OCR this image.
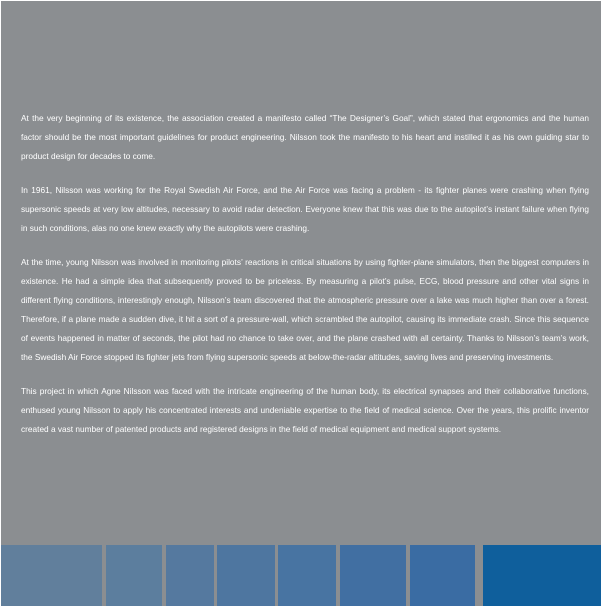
At the very beginning of its existence, the association created a manifesto called “The Designer’s Goal”, which stated that ergonomics and the human factor should be the most important guidelines for product engineering. Nilsson took the manifesto to his heart and instilled it as his own guiding star to product design for decades to come.

In 1961, Nilsson was working for the Royal Swedish Air Force, and the Air Force was facing a problem - its fighter planes were crashing when flying supersonic speeds at very low altitudes, necessary to avoid radar detection. Everyone knew that this was due to the autopilot’s instant failure when flying in such conditions, alas no one knew exactly why the autopilots were crashing.

At the time, young Nilsson was involved in monitoring pilots’ reactions in critical situations by using fighter-plane simulators, then the biggest computers in existence. He had a simple idea that subsequently proved to be priceless. By measuring a pilot’s pulse, ECG, blood pressure and other vital signs in different flying conditions, interestingly enough, Nilsson’s team discovered that the atmospheric pressure over a lake was much higher than over a forest. Therefore, if a plane made a sudden dive, it hit a sort of a pressure-wall, which scrambled the autopilot, causing its immediate crash. Since this sequence of events happened in matter of seconds, the pilot had no chance to take over, and the plane crashed with all certainty. Thanks to Nilsson’s team’s work, the Swedish Air Force stopped its fighter jets from flying supersonic speeds at below-the-radar altitudes, saving lives and preserving investments.

This project in which Agne Nilsson was faced with the intricate engineering of the human body, its electrical synapses and their collaborative functions, enthused young Nilsson to apply his concentrated interests and undeniable expertise to the field of medical science. Over the years, this prolific inventor created a vast number of patented products and registered designs in the field of medical equipment and medical support systems.
